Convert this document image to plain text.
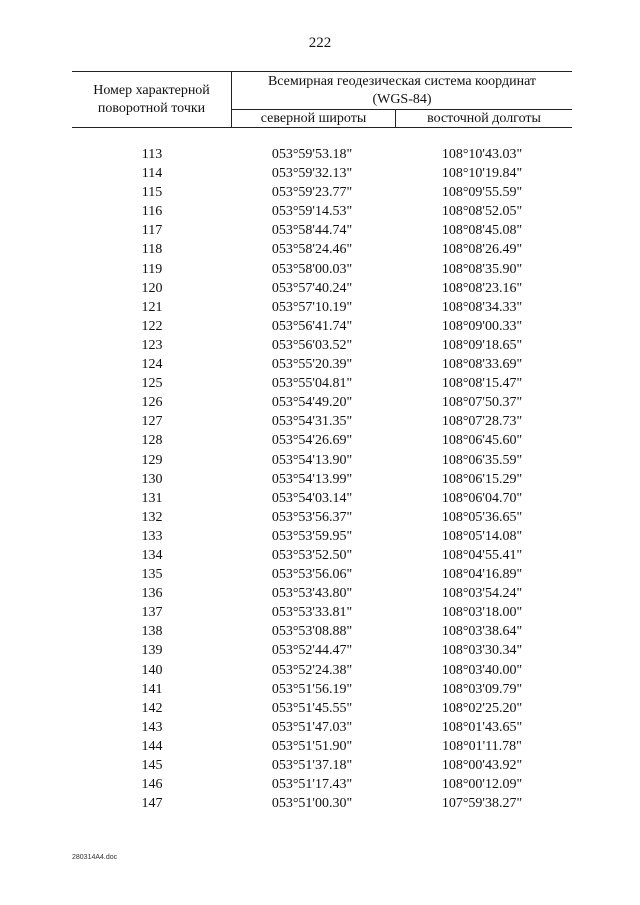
222
Номер характерной поворотной точки
Всемирная геодезическая система координат
(WGS-84)
северной широты	восточной долготы
113	053°59'53.18"	108°10'43.03"
114	053°59'32.13"	108°10'19.84"
115	053°59'23.77"	108°09'55.59"
116	053°59'14.53"	108°08'52.05"
117	053°58'44.74"	108°08'45.08"
118	053°58'24.46"	108°08'26.49"
119	053°58'00.03"	108°08'35.90"
120	053°57'40.24"	108°08'23.16"
121	053°57'10.19"	108°08'34.33"
122	053°56'41.74"	108°09'00.33"
123	053°56'03.52"	108°09'18.65"
124	053°55'20.39"	108°08'33.69"
125	053°55'04.81"	108°08'15.47"
126	053°54'49.20"	108°07'50.37"
127	053°54'31.35"	108°07'28.73"
128	053°54'26.69"	108°06'45.60"
129	053°54'13.90"	108°06'35.59"
130	053°54'13.99"	108°06'15.29"
131	053°54'03.14"	108°06'04.70"
132	053°53'56.37"	108°05'36.65"
133	053°53'59.95"	108°05'14.08"
134	053°53'52.50"	108°04'55.41"
135	053°53'56.06"	108°04'16.89"
136	053°53'43.80"	108°03'54.24"
137	053°53'33.81"	108°03'18.00"
138	053°53'08.88"	108°03'38.64"
139	053°52'44.47"	108°03'30.34"
140	053°52'24.38"	108°03'40.00"
141	053°51'56.19"	108°03'09.79"
142	053°51'45.55"	108°02'25.20"
143	053°51'47.03"	108°01'43.65"
144	053°51'51.90"	108°01'11.78"
145	053°51'37.18"	108°00'43.92"
146	053°51'17.43"	108°00'12.09"
147	053°51'00.30"	107°59'38.27"
280314A4.doc
